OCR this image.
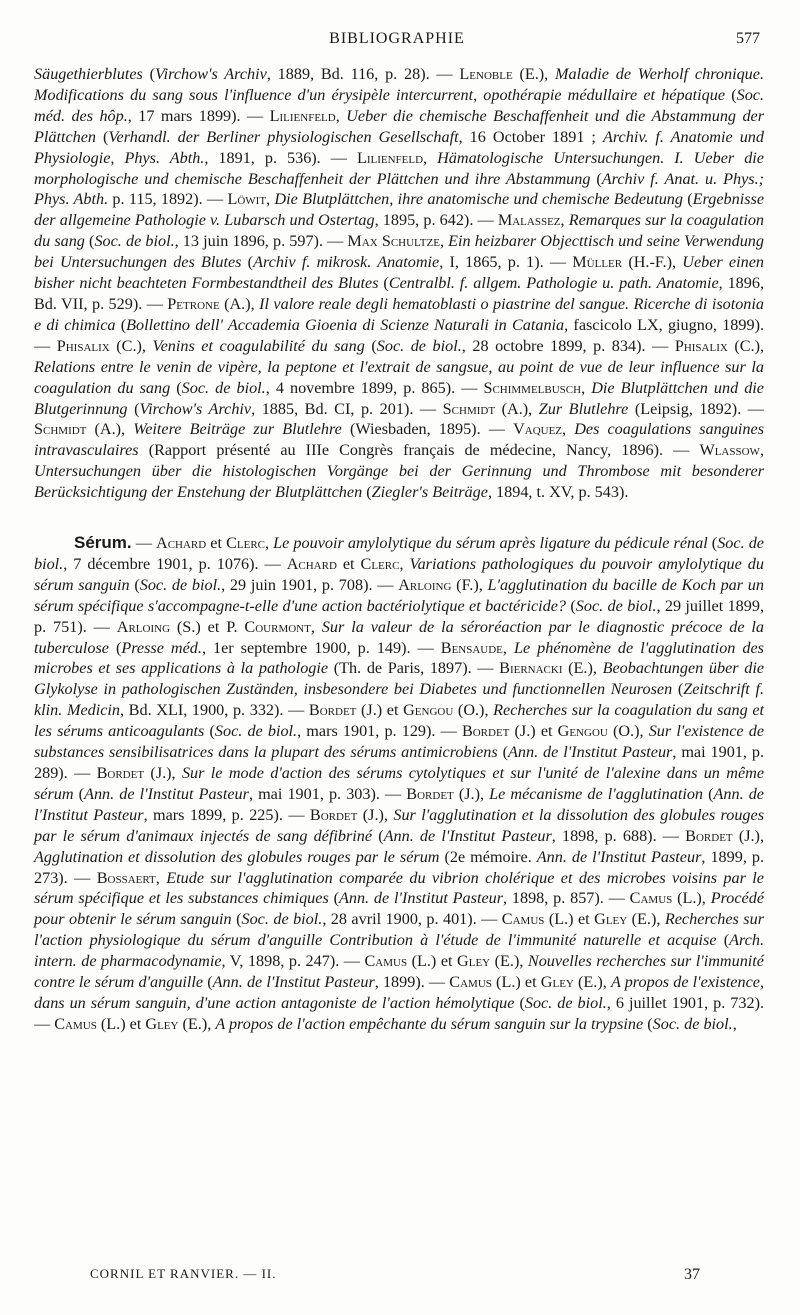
BIBLIOGRAPHIE	577

Säugethierblutes (Virchow's Archiv, 1889, Bd. 116, p. 28). — Lenoble (E.), Maladie de Werholf chronique. Modifications du sang sous l'influence d'un érysipèle intercurrent, opothérapie médullaire et hépatique (Soc. méd. des hôp., 17 mars 1899). — Lilienfeld, Ueber die chemische Beschaffenheit und die Abstammung der Plättchen (Verhandl. der Berliner physiologischen Gesellschaft, 16 October 1891 ; Archiv. f. Anatomie und Physiologie, Phys. Abth., 1891, p. 536). — Lilienfeld, Hämatologische Untersuchungen. I. Ueber die morphologische und chemische Beschaffenheit der Plättchen und ihre Abstammung (Archiv f. Anat. u. Phys.; Phys. Abth. p. 115, 1892). — Löwit, Die Blutplättchen, ihre anatomische und chemische Bedeutung (Ergebnisse der allgemeine Pathologie v. Lubarsch und Ostertag, 1895, p. 642). — Malassez, Remarques sur la coagulation du sang (Soc. de biol., 13 juin 1896, p. 597). — Max Schultze, Ein heizbarer Objecttisch und seine Verwendung bei Untersuchungen des Blutes (Archiv f. mikrosk. Anatomie, I, 1865, p. 1). — Müller (H.-F.), Ueber einen bisher nicht beachteten Formbestandtheil des Blutes (Centralbl. f. allgem. Pathologie u. path. Anatomie, 1896, Bd. VII, p. 529). — Petrone (A.), Il valore reale degli hematoblasti o piastrine del sangue. Ricerche di isotonia e di chimica (Bollettino dell' Accademia Gioenia di Scienze Naturali in Catania, fascicolo LX, giugno, 1899). — Phisalix (C.), Venins et coagulabilité du sang (Soc. de biol., 28 octobre 1899, p. 834). — Phisalix (C.), Relations entre le venin de vipère, la peptone et l'extrait de sangsue, au point de vue de leur influence sur la coagulation du sang (Soc. de biol., 4 novembre 1899, p. 865). — Schimmelbusch, Die Blutplättchen und die Blutgerinnung (Virchow's Archiv, 1885, Bd. CI, p. 201). — Schmidt (A.), Zur Blutlehre (Leipsig, 1892). — Schmidt (A.), Weitere Beiträge zur Blutlehre (Wiesbaden, 1895). — Vaquez, Des coagulations sanguines intravasculaires (Rapport présenté au IIIe Congrès français de médecine, Nancy, 1896). — Wlassow, Untersuchungen über die histologischen Vorgänge bei der Gerinnung und Thrombose mit besonderer Berücksichtigung der Enstehung der Blutplättchen (Ziegler's Beiträge, 1894, t. XV, p. 543).

Sérum. — Achard et Clerc, Le pouvoir amylolytique du sérum après ligature du pédicule rénal (Soc. de biol., 7 décembre 1901, p. 1076). — Achard et Clerc, Variations pathologiques du pouvoir amylolytique du sérum sanguin (Soc. de biol., 29 juin 1901, p. 708). — Arloing (F.), L'agglutination du bacille de Koch par un sérum spécifique s'accompagne-t-elle d'une action bactériolytique et bactéricide? (Soc. de biol., 29 juillet 1899, p. 751). — Arloing (S.) et P. Courmont, Sur la valeur de la séroréaction par le diagnostic précoce de la tuberculose (Presse méd., 1er septembre 1900, p. 149). — Bensaude, Le phénomène de l'agglutination des microbes et ses applications à la pathologie (Th. de Paris, 1897). — Biernacki (E.), Beobachtungen über die Glykolyse in pathologischen Zuständen, insbesondere bei Diabetes und functionnellen Neurosen (Zeitschrift f. klin. Medicin, Bd. XLI, 1900, p. 332). — Bordet (J.) et Gengou (O.), Recherches sur la coagulation du sang et les sérums anticoagulants (Soc. de biol., mars 1901, p. 129). — Bordet (J.) et Gengou (O.), Sur l'existence de substances sensibilisatrices dans la plupart des sérums antimicrobiens (Ann. de l'Institut Pasteur, mai 1901, p. 289). — Bordet (J.), Sur le mode d'action des sérums cytolytiques et sur l'unité de l'alexine dans un même sérum (Ann. de l'Institut Pasteur, mai 1901, p. 303). — Bordet (J.), Le mécanisme de l'agglutination (Ann. de l'Institut Pasteur, mars 1899, p. 225). — Bordet (J.), Sur l'agglutination et la dissolution des globules rouges par le sérum d'animaux injectés de sang défibriné (Ann. de l'Institut Pasteur, 1898, p. 688). — Bordet (J.), Agglutination et dissolution des globules rouges par le sérum (2e mémoire. Ann. de l'Institut Pasteur, 1899, p. 273). — Bossaert, Etude sur l'agglutination comparée du vibrion cholérique et des microbes voisins par le sérum spécifique et les substances chimiques (Ann. de l'Institut Pasteur, 1898, p. 857). — Camus (L.), Procédé pour obtenir le sérum sanguin (Soc. de biol., 28 avril 1900, p. 401). — Camus (L.) et Gley (E.), Recherches sur l'action physiologique du sérum d'anguille Contribution à l'étude de l'immunité naturelle et acquise (Arch. intern. de pharmacodynamie, V, 1898, p. 247). — Camus (L.) et Gley (E.), Nouvelles recherches sur l'immunité contre le sérum d'anguille (Ann. de l'Institut Pasteur, 1899). — Camus (L.) et Gley (E.), A propos de l'existence, dans un sérum sanguin, d'une action antagoniste de l'action hémolytique (Soc. de biol., 6 juillet 1901, p. 732). — Camus (L.) et Gley (E.), A propos de l'action empêchante du sérum sanguin sur la trypsine (Soc. de biol.,

CORNIL ET RANVIER. — II.	37
